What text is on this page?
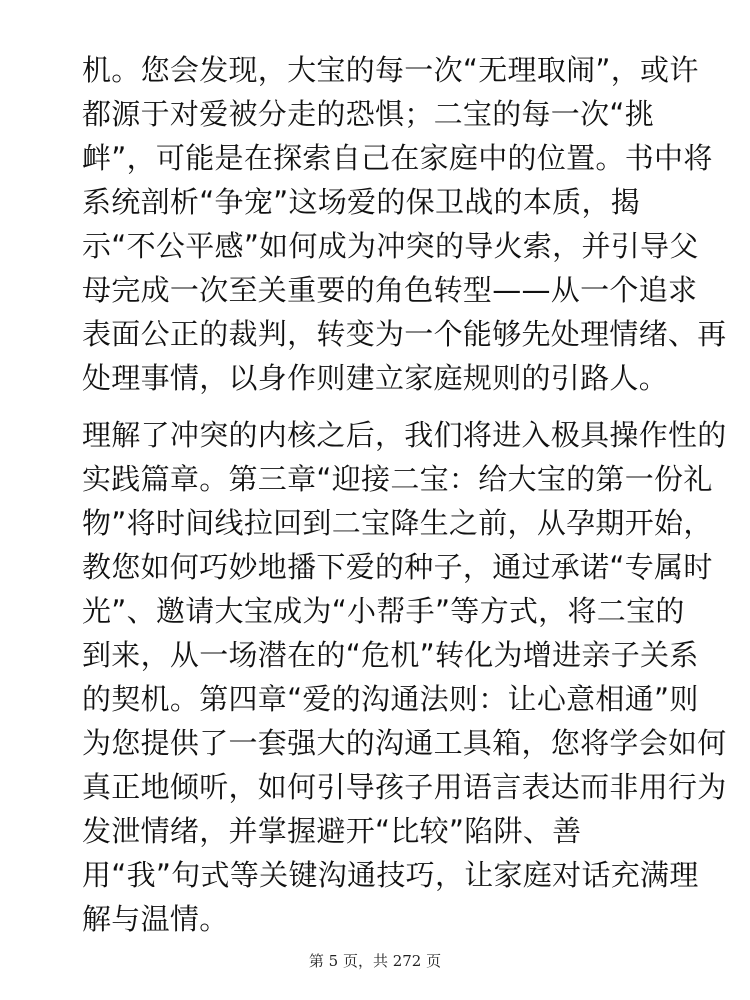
机。您会发现，大宝的每一次“无理取闹”，或许
都源于对爱被分走的恐惧；二宝的每一次“挑
衅”，可能是在探索自己在家庭中的位置。书中将
系统剖析“争宠”这场爱的保卫战的本质，揭
示“不公平感”如何成为冲突的导火索，并引导父
母完成一次至关重要的角色转型——从一个追求
表面公正的裁判，转变为一个能够先处理情绪、再
处理事情，以身作则建立家庭规则的引路人。
理解了冲突的内核之后，我们将进入极具操作性的
实践篇章。第三章“迎接二宝：给大宝的第一份礼
物”将时间线拉回到二宝降生之前，从孕期开始，
教您如何巧妙地播下爱的种子，通过承诺“专属时
光”、邀请大宝成为“小帮手”等方式，将二宝的
到来，从一场潜在的“危机”转化为增进亲子关系
的契机。第四章“爱的沟通法则：让心意相通”则
为您提供了一套强大的沟通工具箱，您将学会如何
真正地倾听，如何引导孩子用语言表达而非用行为
发泄情绪，并掌握避开“比较”陷阱、善
用“我”句式等关键沟通技巧，让家庭对话充满理
解与温情。
第 5 页，共 272 页
